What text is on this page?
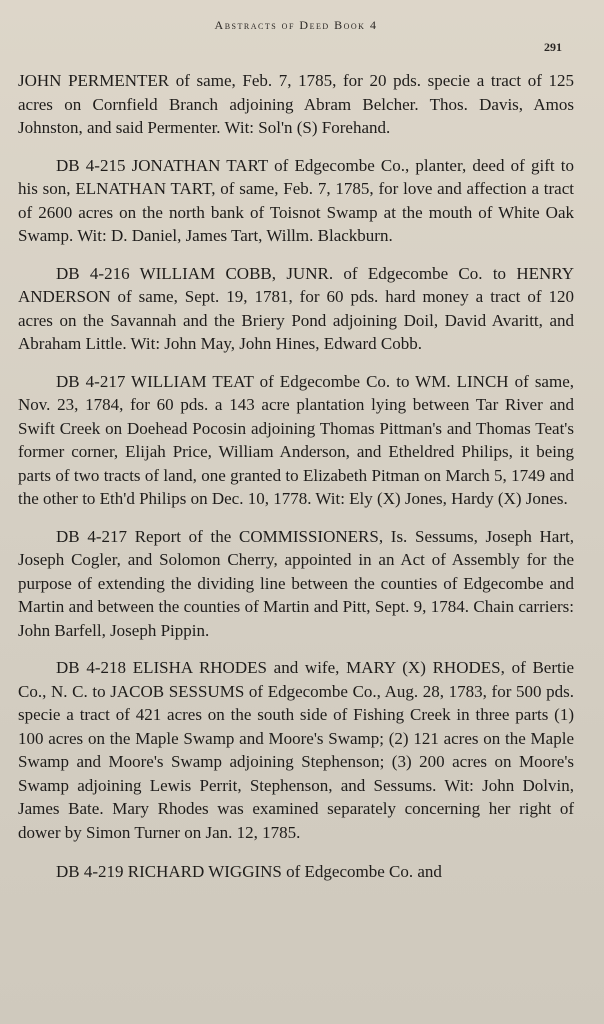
Abstracts of Deed Book 4
291

JOHN PERMENTER of same, Feb. 7, 1785, for 20 pds. specie a tract of 125 acres on Cornfield Branch adjoining Abram Belcher. Thos. Davis, Amos Johnston, and said Permenter. Wit: Sol'n (S) Forehand.

DB 4-215 JONATHAN TART of Edgecombe Co., planter, deed of gift to his son, ELNATHAN TART, of same, Feb. 7, 1785, for love and affection a tract of 2600 acres on the north bank of Toisnot Swamp at the mouth of White Oak Swamp. Wit: D. Daniel, James Tart, Willm. Blackburn.

DB 4-216 WILLIAM COBB, JUNR. of Edgecombe Co. to HENRY ANDERSON of same, Sept. 19, 1781, for 60 pds. hard money a tract of 120 acres on the Savannah and the Briery Pond adjoining Doil, David Avaritt, and Abraham Little. Wit: John May, John Hines, Edward Cobb.

DB 4-217 WILLIAM TEAT of Edgecombe Co. to WM. LINCH of same, Nov. 23, 1784, for 60 pds. a 143 acre plantation lying between Tar River and Swift Creek on Doehead Pocosin adjoining Thomas Pittman's and Thomas Teat's former corner, Elijah Price, William Anderson, and Etheldred Philips, it being parts of two tracts of land, one granted to Elizabeth Pitman on March 5, 1749 and the other to Eth'd Philips on Dec. 10, 1778. Wit: Ely (X) Jones, Hardy (X) Jones.

DB 4-217 Report of the COMMISSIONERS, Is. Sessums, Joseph Hart, Joseph Cogler, and Solomon Cherry, appointed in an Act of Assembly for the purpose of extending the dividing line between the counties of Edgecombe and Martin and between the counties of Martin and Pitt, Sept. 9, 1784. Chain carriers: John Barfell, Joseph Pippin.

DB 4-218 ELISHA RHODES and wife, MARY (X) RHODES, of Bertie Co., N. C. to JACOB SESSUMS of Edgecombe Co., Aug. 28, 1783, for 500 pds. specie a tract of 421 acres on the south side of Fishing Creek in three parts (1) 100 acres on the Maple Swamp and Moore's Swamp; (2) 121 acres on the Maple Swamp and Moore's Swamp adjoining Stephenson; (3) 200 acres on Moore's Swamp adjoining Lewis Perrit, Stephenson, and Sessums. Wit: John Dolvin, James Bate. Mary Rhodes was examined separately concerning her right of dower by Simon Turner on Jan. 12, 1785.

DB 4-219 RICHARD WIGGINS of Edgecombe Co. and
